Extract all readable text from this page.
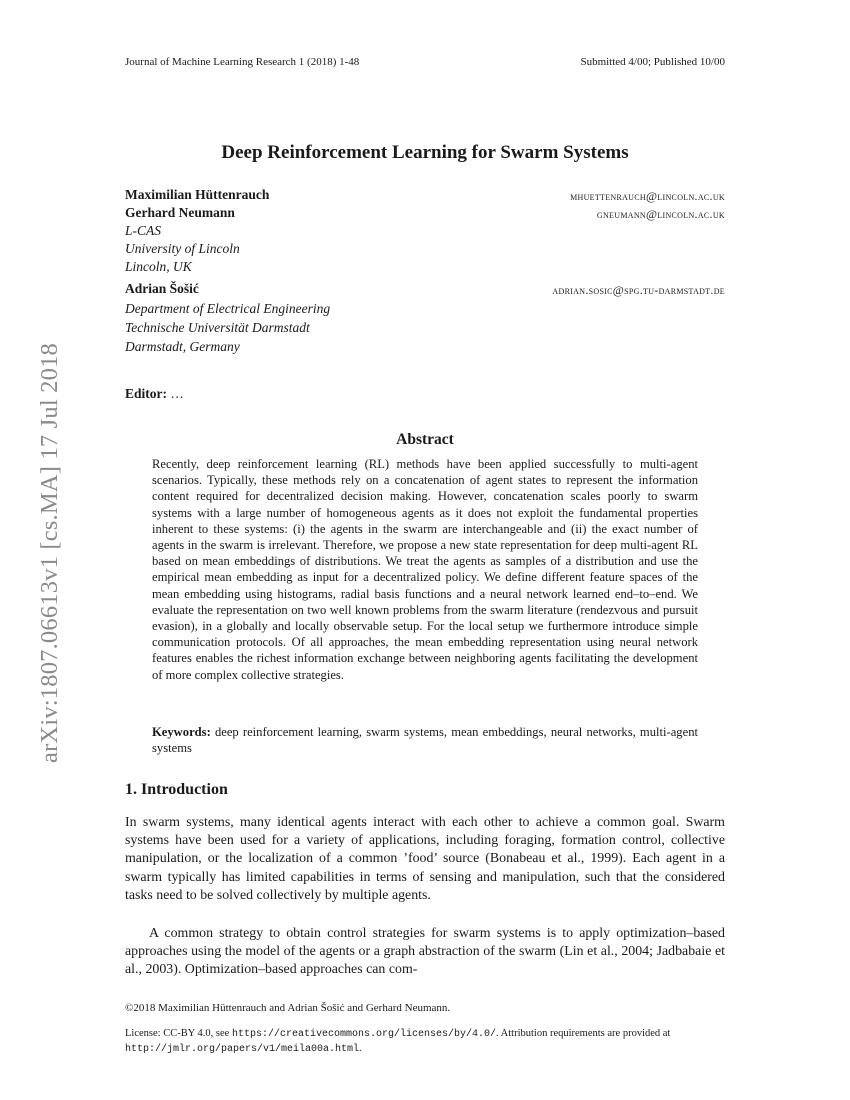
Journal of Machine Learning Research 1 (2018) 1-48	Submitted 4/00; Published 10/00
arXiv:1807.06613v1 [cs.MA] 17 Jul 2018
Deep Reinforcement Learning for Swarm Systems
Maximilian Hüttenrauch	mhuettenrauch@lincoln.ac.uk
Gerhard Neumann	gneumann@lincoln.ac.uk
L-CAS
University of Lincoln
Lincoln, UK
Adrian Šošić	adrian.sosic@spg.tu-darmstadt.de
Department of Electrical Engineering
Technische Universität Darmstadt
Darmstadt, Germany
Editor: …
Abstract
Recently, deep reinforcement learning (RL) methods have been applied successfully to multi-agent scenarios. Typically, these methods rely on a concatenation of agent states to represent the information content required for decentralized decision making. However, concatenation scales poorly to swarm systems with a large number of homogeneous agents as it does not exploit the fundamental properties inherent to these systems: (i) the agents in the swarm are interchangeable and (ii) the exact number of agents in the swarm is irrelevant. Therefore, we propose a new state representation for deep multi-agent RL based on mean embeddings of distributions. We treat the agents as samples of a distribution and use the empirical mean embedding as input for a decentralized policy. We define different feature spaces of the mean embedding using histograms, radial basis functions and a neural network learned end–to–end. We evaluate the representation on two well known problems from the swarm literature (rendezvous and pursuit evasion), in a globally and locally observable setup. For the local setup we furthermore introduce simple communication protocols. Of all approaches, the mean embedding representation using neural network features enables the richest information exchange between neighboring agents facilitating the development of more complex collective strategies.
Keywords: deep reinforcement learning, swarm systems, mean embeddings, neural networks, multi-agent systems
1. Introduction
In swarm systems, many identical agents interact with each other to achieve a common goal. Swarm systems have been used for a variety of applications, including foraging, formation control, collective manipulation, or the localization of a common ’food’ source (Bonabeau et al., 1999). Each agent in a swarm typically has limited capabilities in terms of sensing and manipulation, such that the considered tasks need to be solved collectively by multiple agents.
A common strategy to obtain control strategies for swarm systems is to apply optimization–based approaches using the model of the agents or a graph abstraction of the swarm (Lin et al., 2004; Jadbabaie et al., 2003). Optimization–based approaches can com-
©2018 Maximilian Hüttenrauch and Adrian Šošić and Gerhard Neumann.
License: CC-BY 4.0, see https://creativecommons.org/licenses/by/4.0/. Attribution requirements are provided at http://jmlr.org/papers/v1/meila00a.html.
